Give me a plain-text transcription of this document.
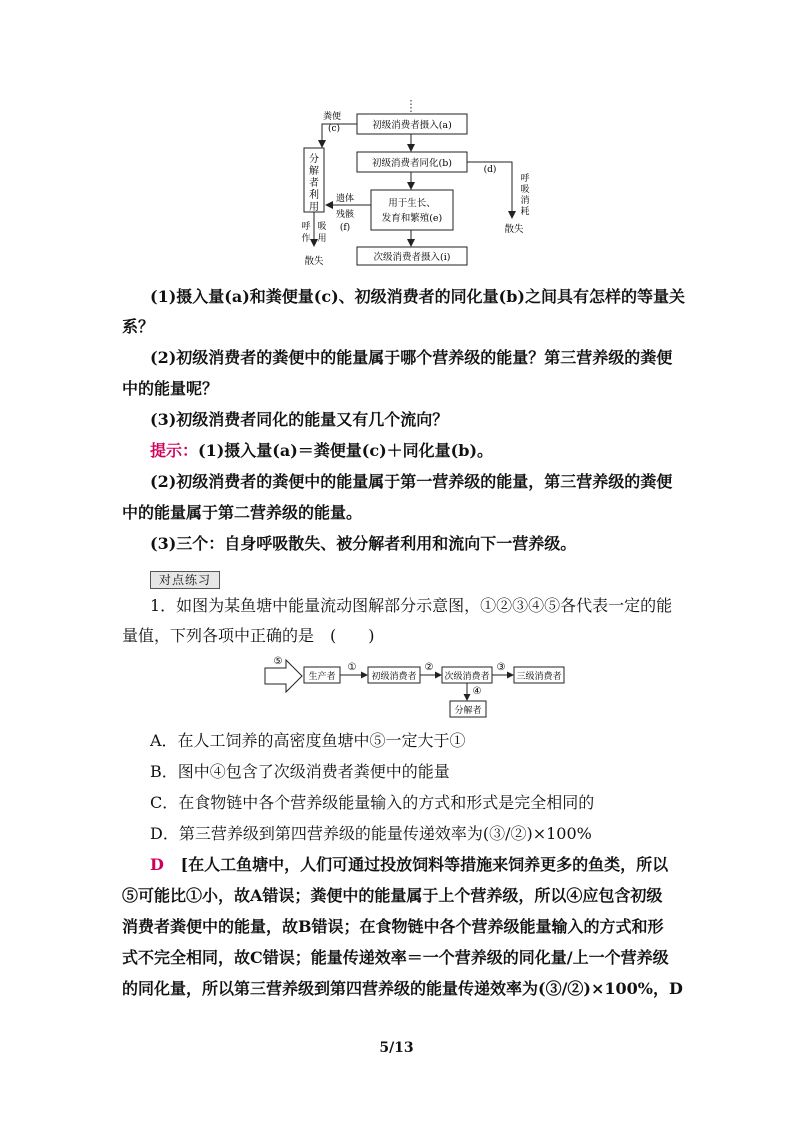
初级消费者摄入(a)
初级消费者同化(b)
用于生长、
发育和繁殖(e)
次级消费者摄入(i)
分
解
者
利
用
粪便
(c)
遗体
残骸
(f)
(d)
呼
吸
消
耗
散失
呼
作
吸
用
散失
(1)摄入量(a)和粪便量(c)、初级消费者的同化量(b)之间具有怎样的等量关
系？
(2)初级消费者的粪便中的能量属于哪个营养级的能量？第三营养级的粪便
中的能量呢？
(3)初级消费者同化的能量又有几个流向？
提示：(1)摄入量(a)＝粪便量(c)＋同化量(b)。
(2)初级消费者的粪便中的能量属于第一营养级的能量，第三营养级的粪便
中的能量属于第二营养级的能量。
(3)三个：自身呼吸散失、被分解者利用和流向下一营养级。
对点练习
1．如图为某鱼塘中能量流动图解部分示意图，①②③④⑤各代表一定的能
量值，下列各项中正确的是　(　　)
⑤
生产者
①
初级消费者
②
次级消费者
③
三级消费者
④
分解者
A．在人工饲养的高密度鱼塘中⑤一定大于①
B．图中④包含了次级消费者粪便中的能量
C．在食物链中各个营养级能量输入的方式和形式是完全相同的
D．第三营养级到第四营养级的能量传递效率为(③/②)×100%
D [在人工鱼塘中，人们可通过投放饲料等措施来饲养更多的鱼类，所以
⑤可能比①小，故A错误；粪便中的能量属于上个营养级，所以④应包含初级
消费者粪便中的能量，故B错误；在食物链中各个营养级能量输入的方式和形
式不完全相同，故C错误；能量传递效率＝一个营养级的同化量/上一个营养级
的同化量，所以第三营养级到第四营养级的能量传递效率为(③/②)×100%，D
5/13
